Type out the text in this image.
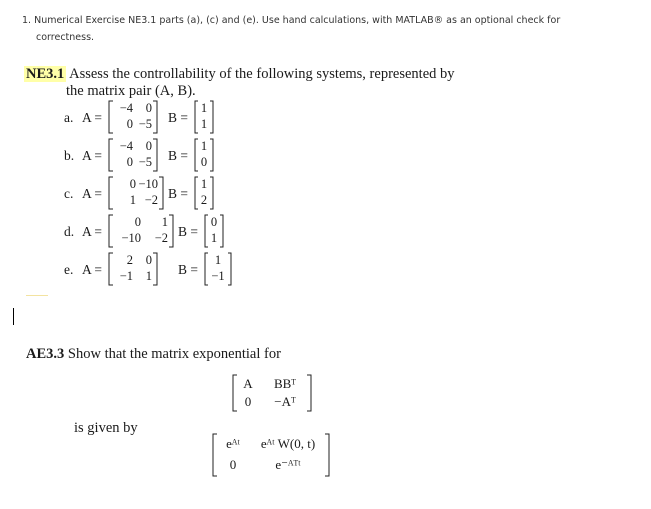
1. Numerical Exercise NE3.1 parts (a), (c) and (e). Use hand calculations, with MATLAB® as an optional check for
correctness.
NE3.1 Assess the controllability of the following systems, represented by
the matrix pair (A, B).
a. A =
−4	0
0 −5 B =
1
1
b. A =
−4	0
0 −5 B =
1
0
c. A =
0 −10
1 −2 B =
1
2
d. A =
0	1
−10	−2 B =
0
1
e. A =
2	0
−1	1 B =
1
−1
AE3.3 Show that the matrix exponential for
A	BBᵀ
0	−Aᵀ
is given by
eᴬᵗ	eᴬᵗ W(0, t)
0	e⁻ᴬᵀᵗ
